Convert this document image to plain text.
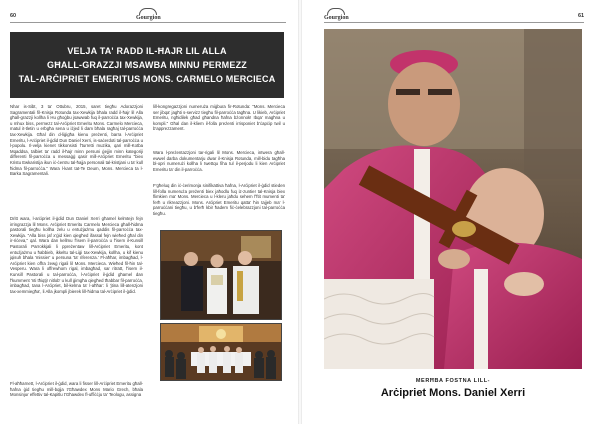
60	Gourgion
VELJA TA' RADD IL-ĦAJR LIL ALLA
GĦALL-GRAZZJI MSAWBA MINNU PERMEZZ
TAL-ARĊIPRIET EMERITUS MONS. CARMELO MERCIECA
Nhar is-Sibt, 3 ta' Ottubru, 2015, saret tiegħu Adorazzjoni Sagramentali fil-Knisja Rotunda tax-Xewkija bħala radd il-ħajr lil Alla għall-grazzji kollha li Hu għoġbu jsawwab fuq il-parroċċa tax-Xewkija, u mhux biss, permezz tal-Arċipriet Emeritu Mons. Carmelo Mercieca, matul it-tletin u erbgħa sena u iżjed li dam bħala ragħaj tal-parroċċa tax-Xewkija. Għal din d-liġigħa kienu preżenti, barra l-Arċipriet Emeritu, l-Arċipriet il-ġdid Dun Daniel Xerri, is-saċerdoti tal-parroċċa u l-popolu. Il-velja kienet tikkonsisti f'turretti muzika, qari mill-Kotba Mqaddsa, talbiet ta' radd il-ħajr minn persuni ġejjin minn kategoriji differenti fil-parroċċa u messaġġ qasir mill-Arċipriet Emeritu "biex Kristu Ewkaristija ikun iċ-ċentru tal-ħajja personali tal-kristjani u ta' kull ħidma fil-parroċċa." Wara l-kant tat-Te Deum, Mons. Mercieca ta l-Barka Sagramentali.
Dritt wara, l-arċipriet il-ġdid Dun Daniel Xerri għamel kelmtejn fejn irringrazzja lil Mons. Arċipriet Emeritu Carmelo Mercieca għall-ħidma pastorali tiegħu kollha żelu u entużjażmu qaddis fil-parroċċa tax-Xewkija. "Alla biss jaf x'ġid kien qiegħed ifassal fejn wieħed għal din ir-riċeva," qal. Wara dan kellmu f'isem il-parroċċa u f'isem il-Kunsill Pastorali Parrokkjali li ppreżentaw lill-Arċipriet Emeritu, kont entużjażmu u ħabbieb, ikkeltu tal-Liġi tax-Xewkija, kollha, u kif kienu jqisuh bħala 'missier' u persuna 'ta' riferenza.' Fl-aħħar, imbagħad, l-Arċipriet kien offra żewġ rigali lil Mons. Mercieca. Wieħed fil-ħin tal-Vesperu. Wara li offrewhom rigal, imbagħad, sar ritratt, f'isem il-Kunsill Pastorali u tal-parroċċa, l-Arċipriet il-ġdid għamel dan f'kumment 'nti tħiqtjr nitlob' u kull ġimgħa qiegħed tħabbar fil-parroċċa, imbagħad, tana l-Arċipriet, bil-kelma ta' l-aħħar: li 'jtina lill-atenzjoni tax-xemmiegħa', li Alla jkompli jbierek lill-ħidma tal-Arċipriet il-ġdid.
Fl-aħħarnett, l-Arċipriet il-ġdid, wara li fisser lill-Arċipriet Emeritu għall-ħafna ġid tiegħu mill-bqija t'Għawdex Mons Mario Grech, bħala Monsinjur effettiv tal-Kapitlu t'Għawdex fl-uffiċċju ta' Teologu, assigna
lill-kongregazzjoni numeruża miġbura fir-Rotunda: "Mons. Mercieca ser jibqa' jagħti s-servizz tiegħu fil-parroċċa tagħna. U likieb, Arċipriet Emeritu, ngħidilek għad għandna ħafna bżonnok! Ibqa' magħna u kompli." Għal dan il-kliem il-folla preżenti irrisponiet b'ċapċip twil u b'apprezzament.
Wara l-preżentazzjoni tar-rigali lil Mons. Mercieca, intwera għall-ewwel darba dokumentarju dwar il-Knisja Rotunda, mill-bidu tagħha bl-opri numerużi kollha li twettqu fiha tul il-perjodu li kien Arċipriet Emeritu ta' din il-parroċċa.
F'għeluq din iċ-ċerimonja sinifikattiva ħafna, l-Arċipriet il-ġdid stieden lill-folla numeruża preżenti biex jaħodlu fuq iz-zuntier tal-Knisja biex flimkien ma' Mons. Mercieca u l-kleru jaħdu sehem f'ftit mumenti ta' ferħ u rikreazzjoni. Mons. Arċipriet Emeritu qatta' ħin tajjeb ma' l-parruċċani tiegħu, u b'ferħ kbir ħadem fiċ-ċelebrazzjoni tal-parroċċa tiegħu.
Gourgion	61
MERĦBA FOSTNA LILL-
Arċipriet Mons. Daniel Xerri
